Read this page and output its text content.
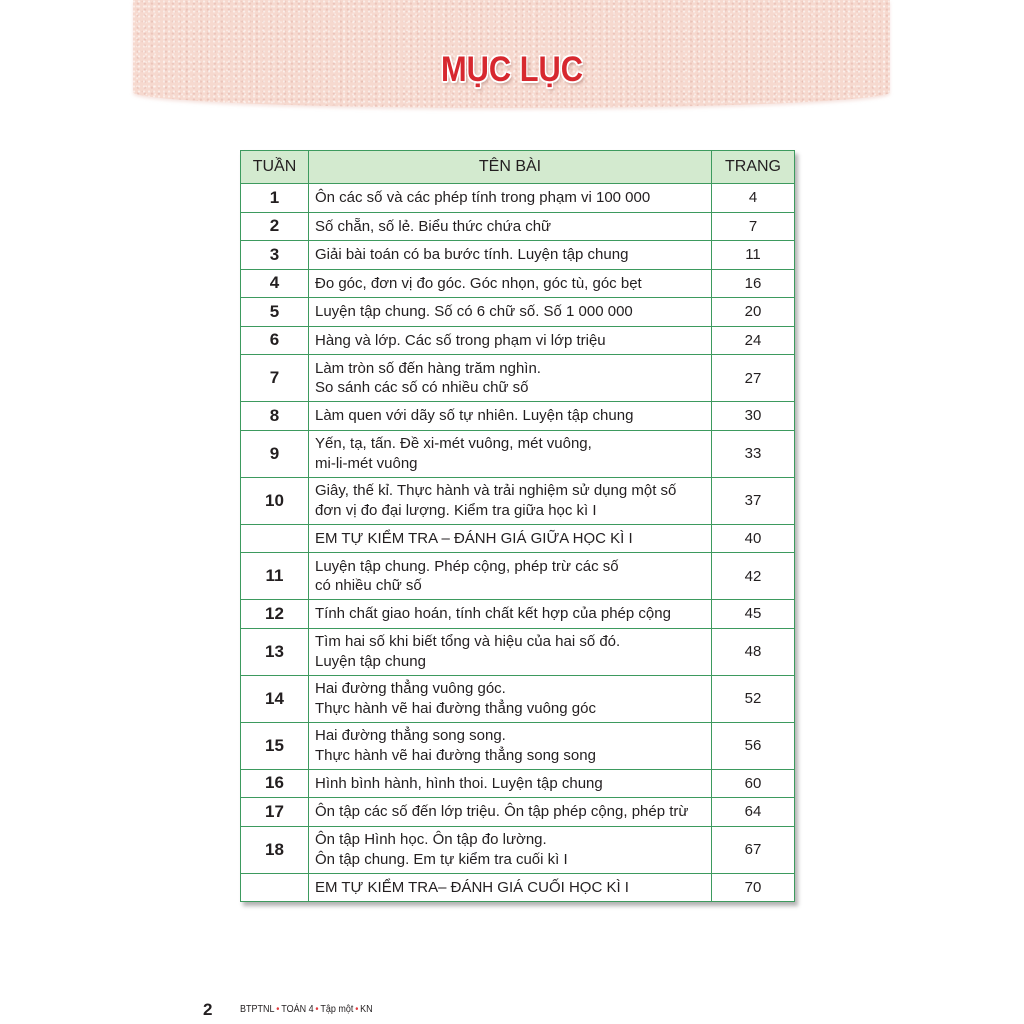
MỤC LỤC
TUẦN	TÊN BÀI	TRANG
1	Ôn các số và các phép tính trong phạm vi 100 000	4
2	Số chẵn, số lẻ. Biểu thức chứa chữ	7
3	Giải bài toán có ba bước tính. Luyện tập chung	11
4	Đo góc, đơn vị đo góc. Góc nhọn, góc tù, góc bẹt	16
5	Luyện tập chung. Số có 6 chữ số. Số 1 000 000	20
6	Hàng và lớp. Các số trong phạm vi lớp triệu	24
7	Làm tròn số đến hàng trăm nghìn.
So sánh các số có nhiều chữ số	27
8	Làm quen với dãy số tự nhiên. Luyện tập chung	30
9	Yến, tạ, tấn. Đề xi-mét vuông, mét vuông,
mi-li-mét vuông	33
10	Giây, thế kỉ. Thực hành và trải nghiệm sử dụng một số
đơn vị đo đại lượng. Kiểm tra giữa học kì I	37

	EM TỰ KIỂM TRA – ĐÁNH GIÁ GIỮA HỌC KÌ I	40
11	Luyện tập chung. Phép cộng, phép trừ các số
có nhiều chữ số	42
12	Tính chất giao hoán, tính chất kết hợp của phép cộng	45
13	Tìm hai số khi biết tổng và hiệu của hai số đó.
Luyện tập chung	48
14	Hai đường thẳng vuông góc.
Thực hành vẽ hai đường thẳng vuông góc	52
15	Hai đường thẳng song song.
Thực hành vẽ hai đường thẳng song song	56
16	Hình bình hành, hình thoi. Luyện tập chung	60
17	Ôn tập các số đến lớp triệu. Ôn tập phép cộng, phép trừ	64
18	Ôn tập Hình học. Ôn tập đo lường.
Ôn tập chung. Em tự kiểm tra cuối kì I	67

	EM TỰ KIỂM TRA– ĐÁNH GIÁ CUỐI HỌC KÌ I	70
2	BTPTNL • TOÁN 4 • Tập một • KN
